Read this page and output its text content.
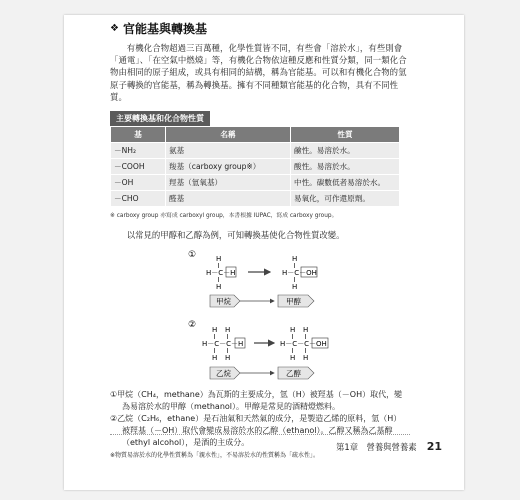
❖ 官能基與轉換基

有機化合物超過三百萬種，化學性質皆不同，有些會「溶於水」，有些則會「通電」、「在空氣中燃燒」等，有機化合物依這種反應和性質分類，同一類化合物由相同的原子組成，或具有相同的結構，稱為官能基。可以和有機化合物的氫原子轉換的官能基，稱為轉換基。擁有不同種類官能基的化合物，具有不同性質。

主要轉換基和化合物性質
基	名稱	性質
－NH₂	氨基	鹼性。易溶於水。
－COOH	羧基（carboxy group※）	酸性。易溶於水。
－OH	羥基（氫氧基）	中性。碳數低者易溶於水。
－CHO	醛基	易氧化，可作還原劑。
※ carboxy group 亦寫成 carboxyl group，本書根據 IUPAC，寫成 carboxy group。
以常見的甲醇和乙醇為例，可知轉換基使化合物性質改變。
①	H
H－C－H
H
H
H－C－OH
H
甲烷	甲醇
② H H
H－C－C－H
H H
H H
H－C－C－OH
H H
乙烷	乙醇

①甲烷（CH₄，methane）為瓦斯的主要成分，氫（H）被羥基（－OH）取代，變為易溶於水的甲醇（methanol）。甲醇是常見的酒精燈燃料。

②乙烷（C₂H₆，ethane）是石油氣和天然氣的成分，是製造乙烯的原料，氫（H）被羥基（－OH）取代會變成易溶於水的乙醇（ethanol）。乙醇又稱為乙基醇（ethyl alcohol），是酒的主成分。

※物質易溶於水的化學性質稱為「親水性」，不易溶於水的性質稱為「疏水性」。
第1章　營養與營養素 21
